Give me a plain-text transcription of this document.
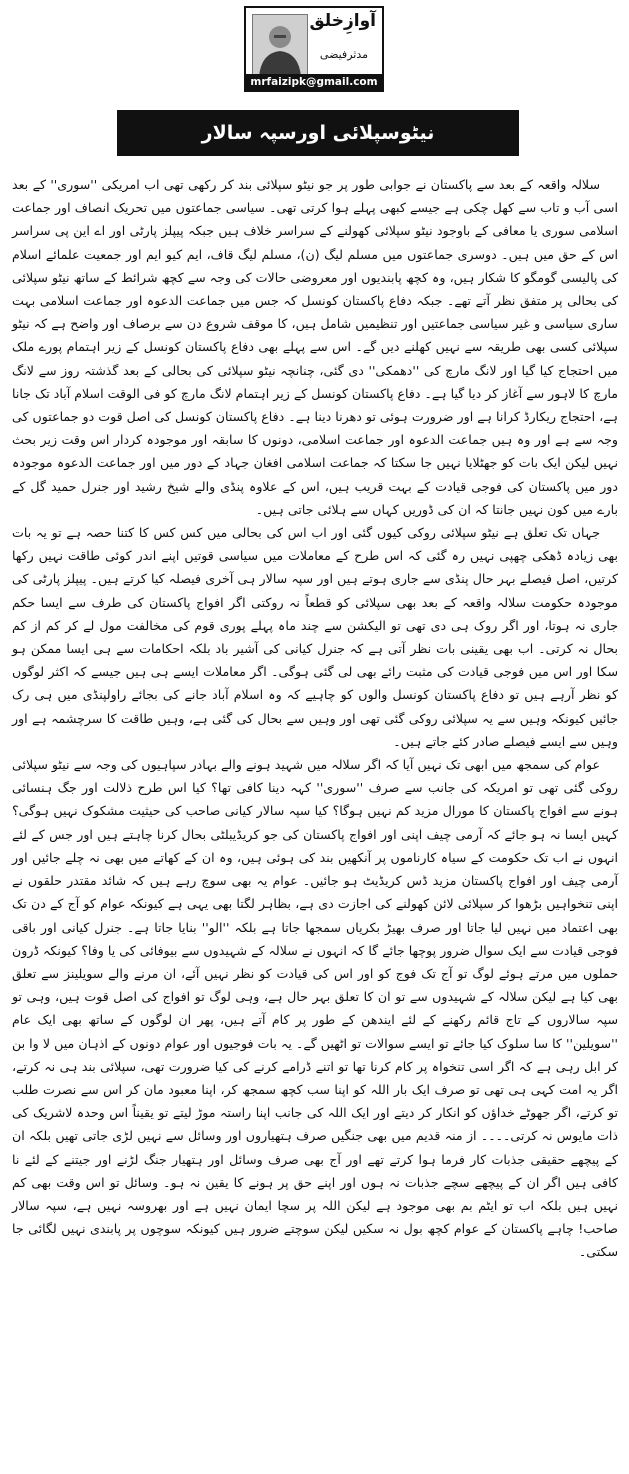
آوازِخلق
مدثرفیضی
mrfaizipk@gmail.com
نیٹوسپلائی اورسپہ سالار

سلالہ واقعہ کے بعد سے پاکستان نے جوابی طور پر جو نیٹو سپلائی بند کر رکھی تھی اب امریکی ''سوری'' کے بعد اسی آب و تاب سے کھل چکی ہے جیسے کبھی پہلے ہوا کرتی تھی۔ سیاسی جماعتوں میں تحریک انصاف اور جماعت اسلامی سوری یا معافی کے باوجود نیٹو سپلائی کھولنے کے سراسر خلاف ہیں جبکہ پیپلز پارٹی اور اے این پی سراسر اس کے حق میں ہیں۔ دوسری جماعتوں میں مسلم لیگ (ن)، مسلم لیگ قاف، ایم کیو ایم اور جمعیت علمائے اسلام کی پالیسی گومگو کا شکار ہیں، وہ کچھ پابندیوں اور معروضی حالات کی وجہ سے کچھ شرائط کے ساتھ نیٹو سپلائی کی بحالی پر متفق نظر آتے تھے۔ جبکہ دفاع پاکستان کونسل کہ جس میں جماعت الدعوہ اور جماعت اسلامی بہت ساری سیاسی و غیر سیاسی جماعتیں اور تنظیمیں شامل ہیں، کا موقف شروع دن سے برصاف اور واضح ہے کہ نیٹو سپلائی کسی بھی طریقہ سے نہیں کھلنے دیں گے۔ اس سے پہلے بھی دفاع پاکستان کونسل کے زیر اہتمام پورے ملک میں احتجاج کیا گیا اور لانگ مارچ کی ''دھمکی'' دی گئی، چنانچہ نیٹو سپلائی کی بحالی کے بعد گذشتہ روز سے لانگ مارچ کا لاہور سے آغاز کر دیا گیا ہے۔ دفاع پاکستان کونسل کے زیر اہتمام لانگ مارچ کو فی الوقت اسلام آباد تک جانا ہے، احتجاج ریکارڈ کرانا ہے اور ضرورت ہوئی تو دھرنا دینا ہے۔ دفاع پاکستان کونسل کی اصل قوت دو جماعتوں کی وجہ سے ہے اور وہ ہیں جماعت الدعوہ اور جماعت اسلامی، دونوں کا سابقہ اور موجودہ کردار اس وقت زیر بحث نہیں لیکن ایک بات کو جھٹلایا نہیں جا سکتا کہ جماعت اسلامی افغان جہاد کے دور میں اور جماعت الدعوہ موجودہ دور میں پاکستان کی فوجی قیادت کے بہت قریب ہیں، اس کے علاوہ پنڈی والے شیخ رشید اور جنرل حمید گل کے بارے میں کون نہیں جانتا کہ ان کی ڈوریں کہاں سے ہلائی جاتی ہیں۔

جہاں تک تعلق ہے نیٹو سپلائی روکی کیوں گئی اور اب اس کی بحالی میں کس کس کا کتنا حصہ ہے تو یہ بات بھی زیادہ ڈھکی چھپی نہیں رہ گئی کہ اس طرح کے معاملات میں سیاسی قوتیں اپنے اندر کوئی طاقت نہیں رکھا کرتیں، اصل فیصلے بہر حال پنڈی سے جاری ہوتے ہیں اور سپہ سالار ہی آخری فیصلہ کیا کرتے ہیں۔ پیپلز پارٹی کی موجودہ حکومت سلالہ واقعہ کے بعد بھی سپلائی کو قطعاً نہ روکتی اگر افواج پاکستان کی طرف سے ایسا حکم جاری نہ ہوتا، اور اگر روک ہی دی تھی تو الیکشن سے چند ماہ پہلے پوری قوم کی مخالفت مول لے کر کم از کم بحال نہ کرتی۔ اب بھی یقینی بات نظر آتی ہے کہ جنرل کیانی کی آشیر باد بلکہ احکامات سے ہی ایسا ممکن ہو سکا اور اس میں فوجی قیادت کی مثبت رائے بھی لی گئی ہوگی۔ اگر معاملات ایسے ہی ہیں جیسے کہ اکثر لوگوں کو نظر آرہے ہیں تو دفاع پاکستان کونسل والوں کو چاہیے کہ وہ اسلام آباد جانے کی بجائے راولپنڈی میں ہی رک جائیں کیونکہ وہیں سے یہ سپلائی روکی گئی تھی اور وہیں سے بحال کی گئی ہے، وہیں طاقت کا سرچشمہ ہے اور وہیں سے ایسے فیصلے صادر کئے جاتے ہیں۔

عوام کی سمجھ میں ابھی تک نہیں آیا کہ اگر سلالہ میں شہید ہونے والے بہادر سپاہیوں کی وجہ سے نیٹو سپلائی روکی گئی تھی تو امریکہ کی جانب سے صرف ''سوری'' کہہ دینا کافی تھا؟ کیا اس طرح ذلالت اور جگ ہنسائی ہونے سے افواج پاکستان کا مورال مزید کم نہیں ہوگا؟ کیا سپہ سالار کیانی صاحب کی حیثیت مشکوک نہیں ہوگی؟ کہیں ایسا نہ ہو جائے کہ آرمی چیف اپنی اور افواج پاکستان کی جو کریڈیبلٹی بحال کرنا چاہتے ہیں اور جس کے لئے انہوں نے اب تک حکومت کے سیاہ کارناموں پر آنکھیں بند کی ہوئی ہیں، وہ ان کے کھاتے میں بھی نہ چلے جائیں اور آرمی چیف اور افواج پاکستان مزید ڈس کریڈیٹ ہو جائیں۔ عوام یہ بھی سوچ رہے ہیں کہ شائد مقتدر حلقوں نے اپنی تنخواہیں بڑھوا کر سپلائی لائن کھولنے کی اجازت دی ہے، بظاہر لگتا بھی یہی ہے کیونکہ عوام کو آج کے دن تک بھی اعتماد میں نہیں لیا جاتا اور صرف بھیڑ بکریاں سمجھا جاتا ہے بلکہ ''الو'' بنایا جاتا ہے۔ جنرل کیانی اور باقی فوجی قیادت سے ایک سوال ضرور پوچھا جائے گا کہ انہوں نے سلالہ کے شہیدوں سے بیوفائی کی یا وفا؟ کیونکہ ڈرون حملوں میں مرتے ہوئے لوگ تو آج تک فوج کو اور اس کی قیادت کو نظر نہیں آئے، ان مرنے والے سویلینز سے تعلق بھی کیا ہے لیکن سلالہ کے شہیدوں سے تو ان کا تعلق بہر حال ہے، وہی لوگ تو افواج کی اصل قوت ہیں، وہی تو سپہ سالاروں کے تاج قائم رکھنے کے لئے ایندھن کے طور پر کام آتے ہیں، پھر ان لوگوں کے ساتھ بھی ایک عام ''سویلین'' کا سا سلوک کیا جائے تو ایسے سوالات تو اٹھیں گے۔ یہ بات فوجیوں اور عوام دونوں کے اذہان میں لا وا بن کر ابل رہی ہے کہ اگر اسی تنخواہ پر کام کرنا تھا تو اتنے ڈرامے کرنے کی کیا ضرورت تھی، سپلائی بند ہی نہ کرتے، اگر یہ امت کہی ہی تھی تو صرف ایک بار اللہ کو اپنا سب کچھ سمجھ کر، اپنا معبود مان کر اس سے نصرت طلب تو کرتے، اگر جھوٹے خداؤں کو انکار کر دیتے اور ایک اللہ کی جانب اپنا راستہ موڑ لیتے تو یقیناً اس وحدہ لاشریک کی ذات مایوس نہ کرتی۔۔۔۔ از منہ قدیم میں بھی جنگیں صرف ہتھیاروں اور وسائل سے نہیں لڑی جاتی تھیں بلکہ ان کے پیچھے حقیقی جذبات کار فرما ہوا کرتے تھے اور آج بھی صرف وسائل اور ہتھیار جنگ لڑنے اور جیتنے کے لئے نا کافی ہیں اگر ان کے پیچھے سچے جذبات نہ ہوں اور اپنے حق پر ہونے کا یقین نہ ہو۔ وسائل تو اس وقت بھی کم نہیں ہیں بلکہ اب تو ایٹم بم بھی موجود ہے لیکن اللہ پر سچا ایمان نہیں ہے اور بھروسہ نہیں ہے، سپہ سالار صاحب! چاہے پاکستان کے عوام کچھ بول نہ سکیں لیکن سوچتے ضرور ہیں کیونکہ سوچوں پر پابندی نہیں لگائی جا سکتی۔
